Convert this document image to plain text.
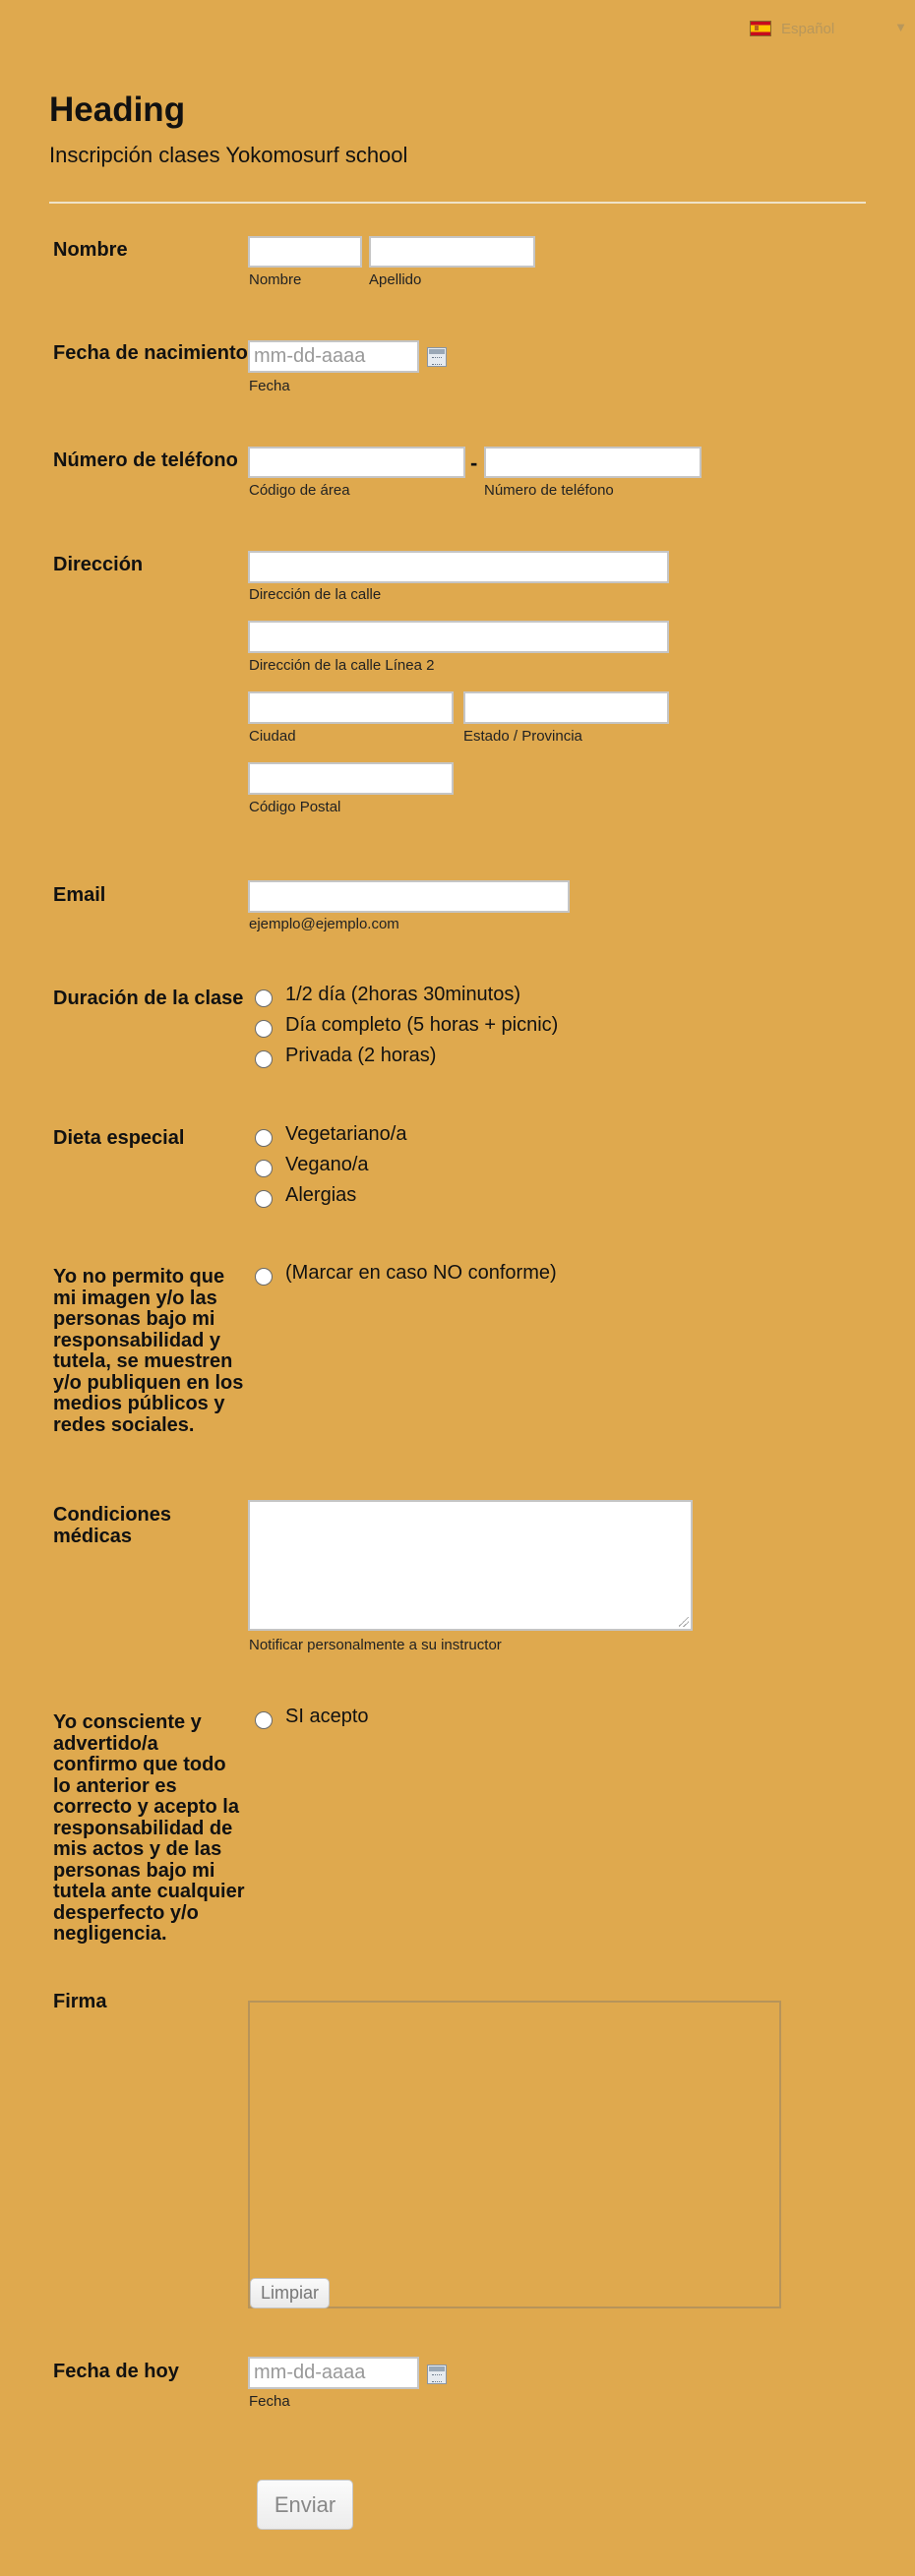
Español	▼
Heading
Inscripción clases Yokomosurf school
Nombre
Nombre	Apellido
Fecha de nacimiento mm-dd-aaaa
Fecha
Número de teléfono	-
Código de área	Número de teléfono
Dirección
Dirección de la calle
Dirección de la calle Línea 2
Ciudad	Estado / Provincia
Código Postal
Email
ejemplo@ejemplo.com
Duración de la clase	1/2 día (2horas 30minutos)
Día completo (5 horas + picnic)
Privada (2 horas)
Dieta especial	Vegetariano/a
Vegano/a
Alergias
Yo no permito que mi imagen y/o las personas bajo mi responsabilidad y tutela, se muestren y/o publiquen en los medios públicos y redes sociales.
(Marcar en caso NO conforme)
Condiciones médicas
Notificar personalmente a su instructor
Yo consciente y advertido/a confirmo que todo lo anterior es correcto y acepto la responsabilidad de mis actos y de las personas bajo mi tutela ante cualquier desperfecto y/o negligencia.
SI acepto
Firma
Limpiar
Fecha de hoy	mm-dd-aaaa
Fecha
Enviar
